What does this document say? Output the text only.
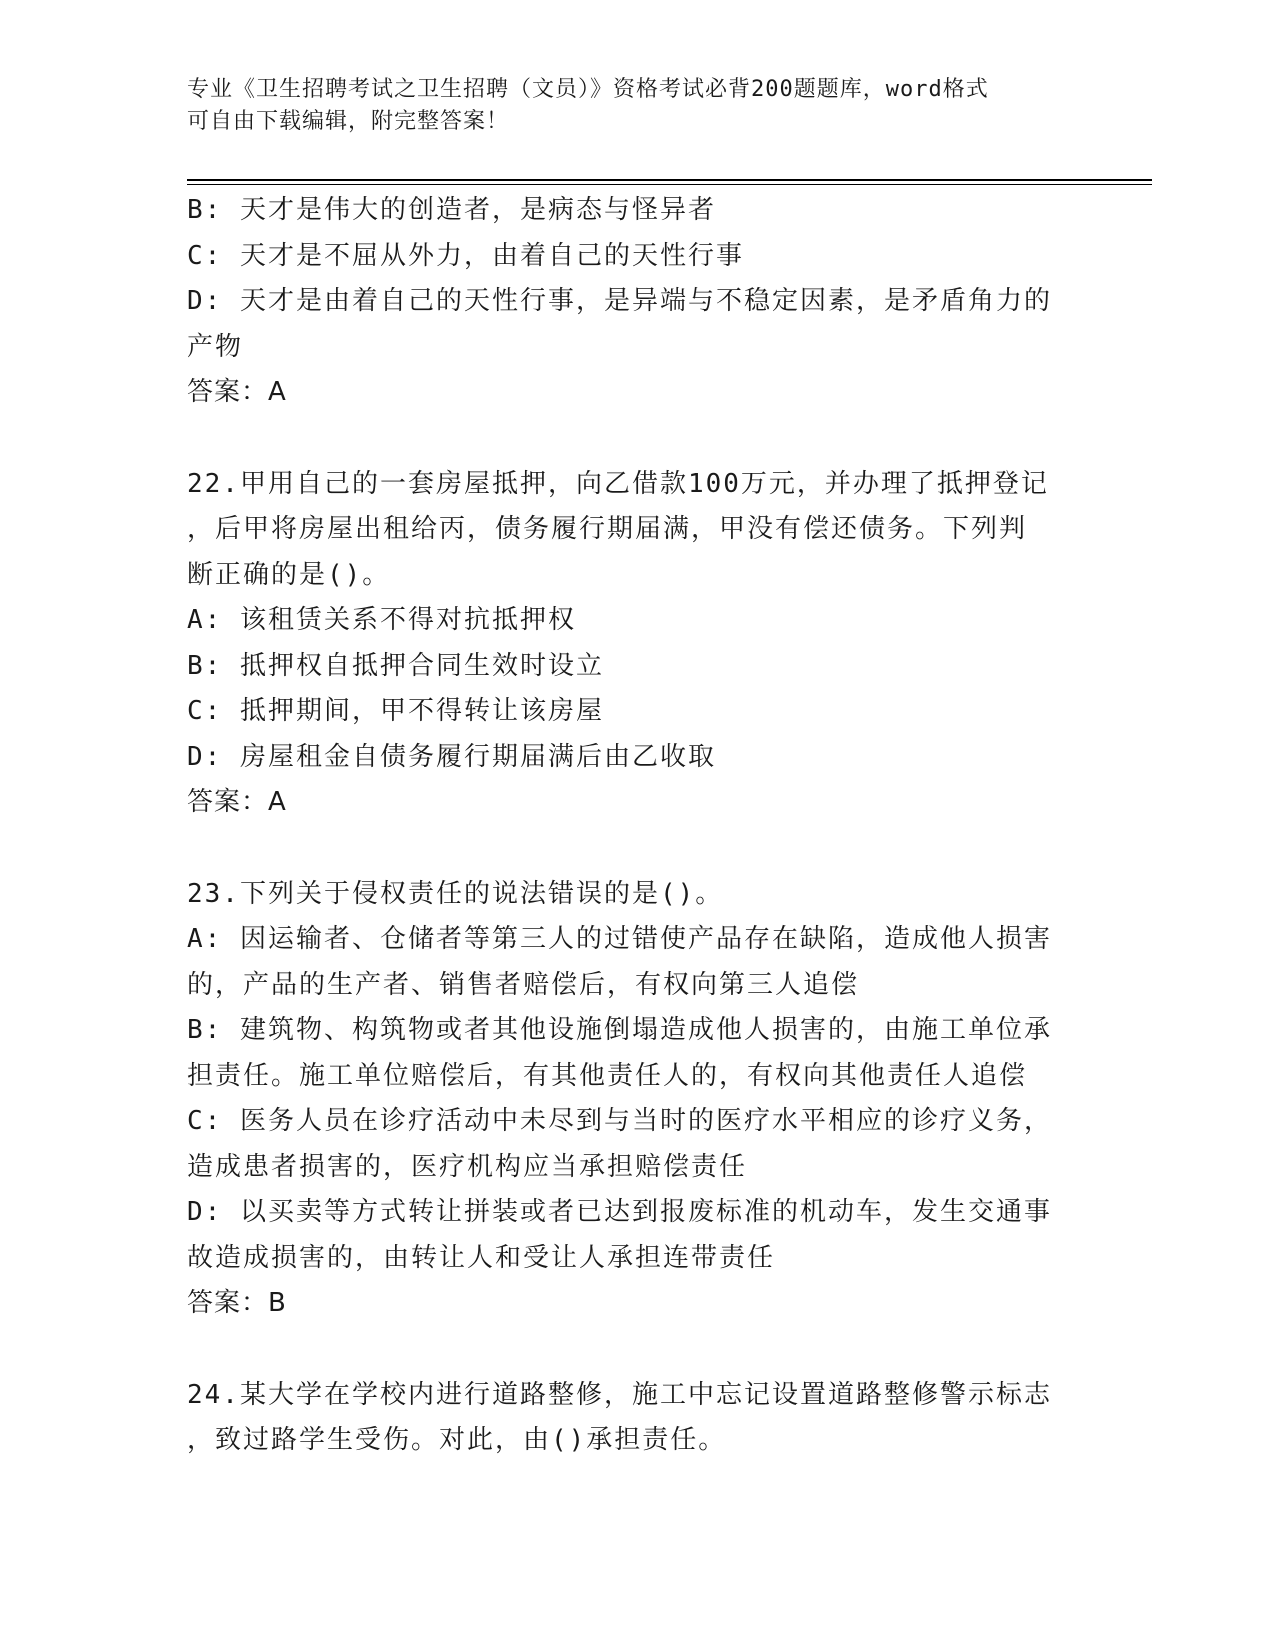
专业《卫生招聘考试之卫生招聘（文员）》资格考试必背200题题库，word格式
可自由下载编辑，附完整答案！
B: 天才是伟大的创造者，是病态与怪异者
C: 天才是不屈从外力，由着自己的天性行事
D: 天才是由着自己的天性行事，是异端与不稳定因素，是矛盾角力的
产物
答案：A
22.甲用自己的一套房屋抵押，向乙借款100万元，并办理了抵押登记
，后甲将房屋出租给丙，债务履行期届满，甲没有偿还债务。下列判
断正确的是()。
A: 该租赁关系不得对抗抵押权
B: 抵押权自抵押合同生效时设立
C: 抵押期间，甲不得转让该房屋
D: 房屋租金自债务履行期届满后由乙收取
答案：A
23.下列关于侵权责任的说法错误的是()。
A: 因运输者、仓储者等第三人的过错使产品存在缺陷，造成他人损害
的，产品的生产者、销售者赔偿后，有权向第三人追偿
B: 建筑物、构筑物或者其他设施倒塌造成他人损害的，由施工单位承
担责任。施工单位赔偿后，有其他责任人的，有权向其他责任人追偿
C: 医务人员在诊疗活动中未尽到与当时的医疗水平相应的诊疗义务，
造成患者损害的，医疗机构应当承担赔偿责任
D: 以买卖等方式转让拼装或者已达到报废标准的机动车，发生交通事
故造成损害的，由转让人和受让人承担连带责任
答案：B
24.某大学在学校内进行道路整修，施工中忘记设置道路整修警示标志
，致过路学生受伤。对此，由()承担责任。
